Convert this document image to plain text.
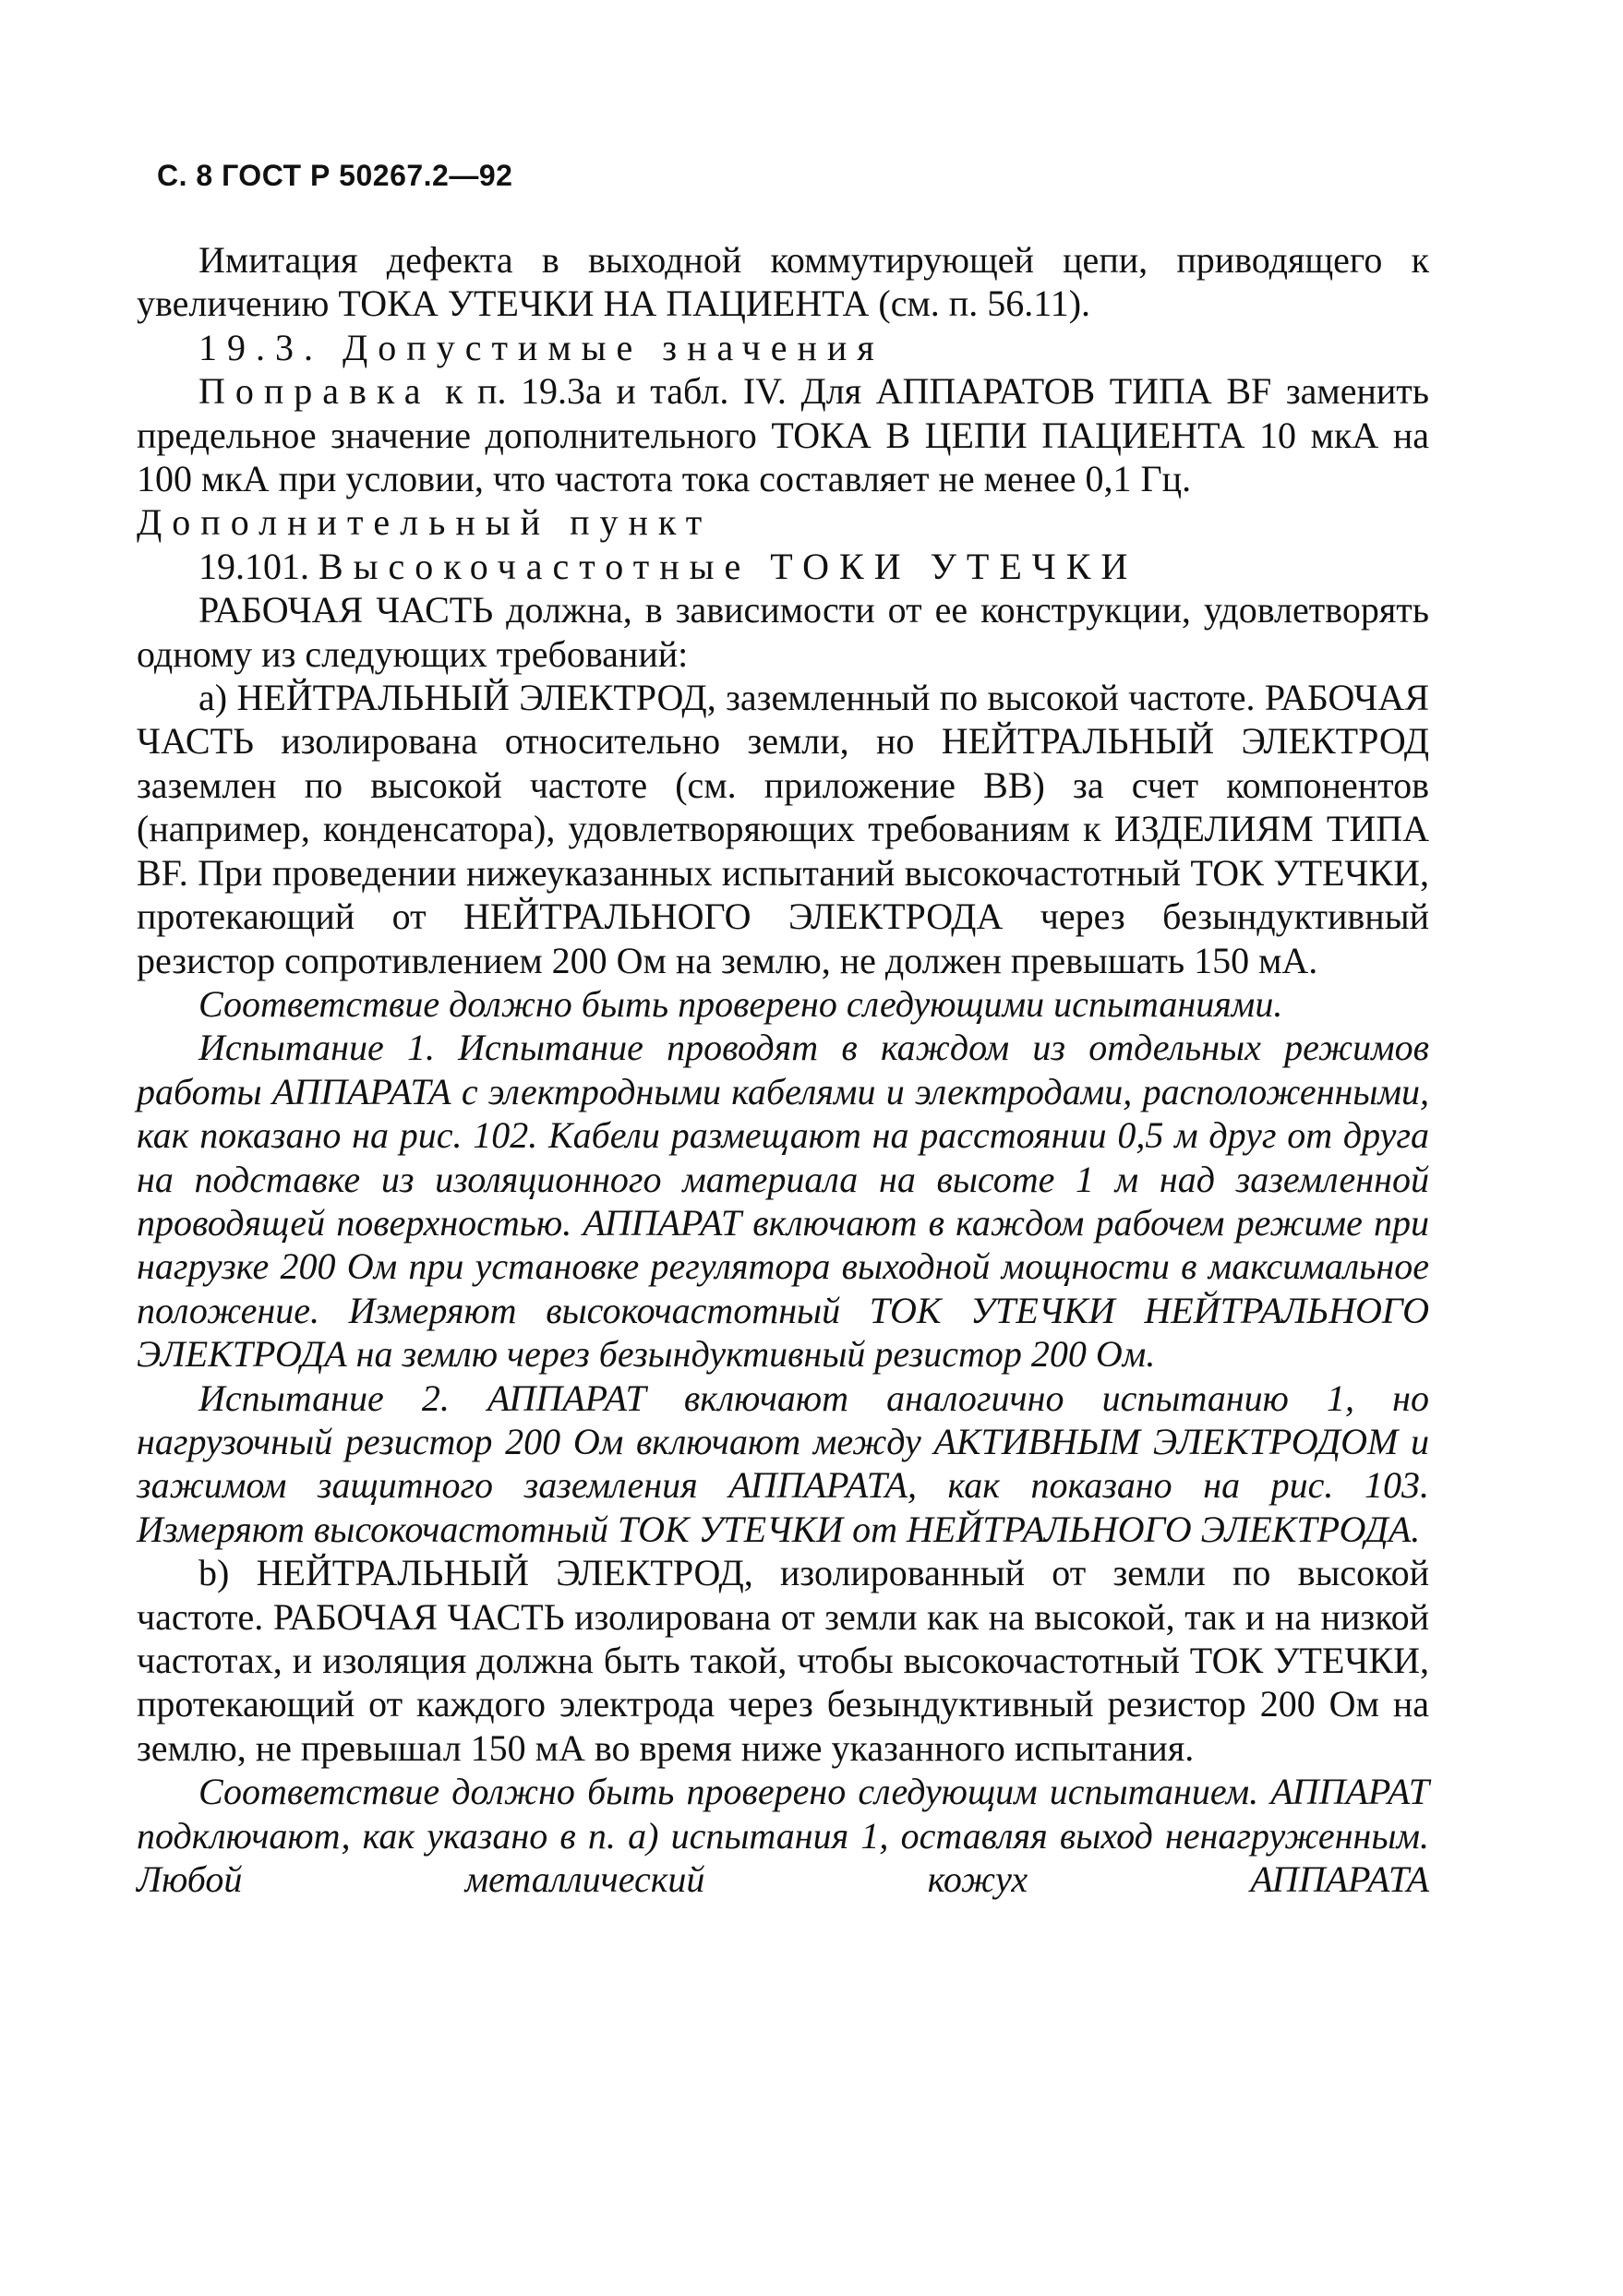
С. 8 ГОСТ Р 50267.2—92

Имитация дефекта в выходной коммутирующей цепи, приводящего к увеличению ТОКА УТЕЧКИ НА ПАЦИЕНТА (см. п. 56.11).

19.3. Допустимые значения

Поправка к п. 19.3а и табл. IV. Для АППАРАТОВ ТИПА BF заменить предельное значение дополнительного ТОКА В ЦЕПИ ПАЦИЕНТА 10 мкА на 100 мкА при условии, что частота тока составляет не менее 0,1 Гц.

Дополнительный пункт

19.101. Высокочастотные ТОКИ УТЕЧКИ

РАБОЧАЯ ЧАСТЬ должна, в зависимости от ее конструкции, удовлетворять одному из следующих требований:

а) НЕЙТРАЛЬНЫЙ ЭЛЕКТРОД, заземленный по высокой частоте. РАБОЧАЯ ЧАСТЬ изолирована относительно земли, но НЕЙТРАЛЬНЫЙ ЭЛЕКТРОД заземлен по высокой частоте (см. приложение ВВ) за счет компонентов (например, конденсатора), удовлетворяющих требованиям к ИЗДЕЛИЯМ ТИПА BF. При проведении нижеуказанных испытаний высокочастотный ТОК УТЕЧКИ, протекающий от НЕЙТРАЛЬНОГО ЭЛЕКТРОДА через безындуктивный резистор сопротивлением 200 Ом на землю, не должен превышать 150 мА.

Соответствие должно быть проверено следующими испытаниями.

Испытание 1. Испытание проводят в каждом из отдельных режимов работы АППАРАТА с электродными кабелями и электродами, расположенными, как показано на рис. 102. Кабели размещают на расстоянии 0,5 м друг от друга на подставке из изоляционного материала на высоте 1 м над заземленной проводящей поверхностью. АППАРАТ включают в каждом рабочем режиме при нагрузке 200 Ом при установке регулятора выходной мощности в максимальное положение. Измеряют высокочастотный ТОК УТЕЧКИ НЕЙТРАЛЬНОГО ЭЛЕКТРОДА на землю через безындуктивный резистор 200 Ом.

Испытание 2. АППАРАТ включают аналогично испытанию 1, но нагрузочный резистор 200 Ом включают между АКТИВНЫМ ЭЛЕКТРОДОМ и зажимом защитного заземления АППАРАТА, как показано на рис. 103. Измеряют высокочастотный ТОК УТЕЧКИ от НЕЙТРАЛЬНОГО ЭЛЕКТРОДА.

b) НЕЙТРАЛЬНЫЙ ЭЛЕКТРОД, изолированный от земли по высокой частоте. РАБОЧАЯ ЧАСТЬ изолирована от земли как на высокой, так и на низкой частотах, и изоляция должна быть такой, чтобы высокочастотный ТОК УТЕЧКИ, протекающий от каждого электрода через безындуктивный резистор 200 Ом на землю, не превышал 150 мА во время ниже указанного испытания.

Соответствие должно быть проверено следующим испытанием. АППАРАТ подключают, как указано в п. а) испытания 1, оставляя выход ненагруженным. Любой металлический кожух АППАРАТА
